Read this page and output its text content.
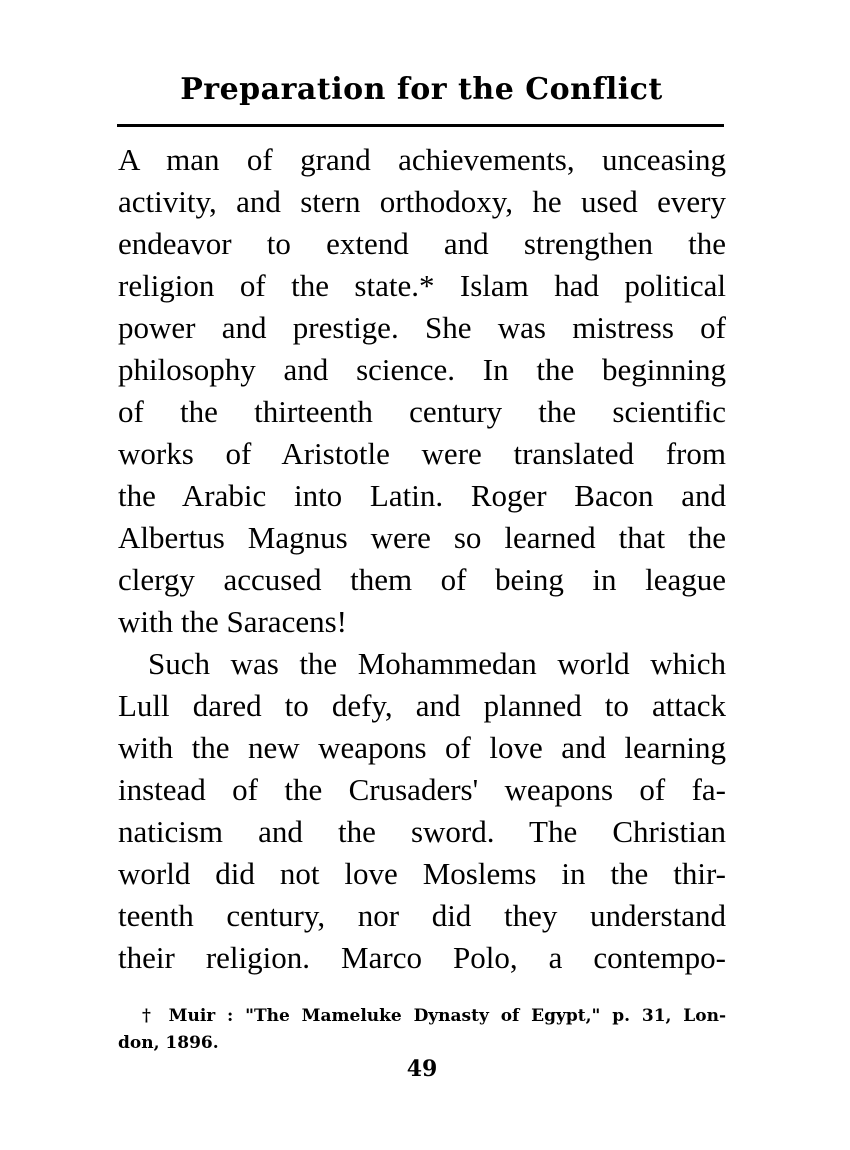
Preparation for the Conflict
A man of grand achievements, unceasing
activity, and stern orthodoxy, he used every
endeavor to extend and strengthen the
religion of the state.* Islam had political
power and prestige. She was mistress of
philosophy and science. In the beginning
of the thirteenth century the scientific
works of Aristotle were translated from
the Arabic into Latin. Roger Bacon and
Albertus Magnus were so learned that the
clergy accused them of being in league
with the Saracens!
Such was the Mohammedan world which
Lull dared to defy, and planned to attack
with the new weapons of love and learning
instead of the Crusaders' weapons of fa-
naticism and the sword. The Christian
world did not love Moslems in the thir-
teenth century, nor did they understand
their religion. Marco Polo, a contempo-
† Muir : "The Mameluke Dynasty of Egypt," p. 31, Lon-
don, 1896.
49
